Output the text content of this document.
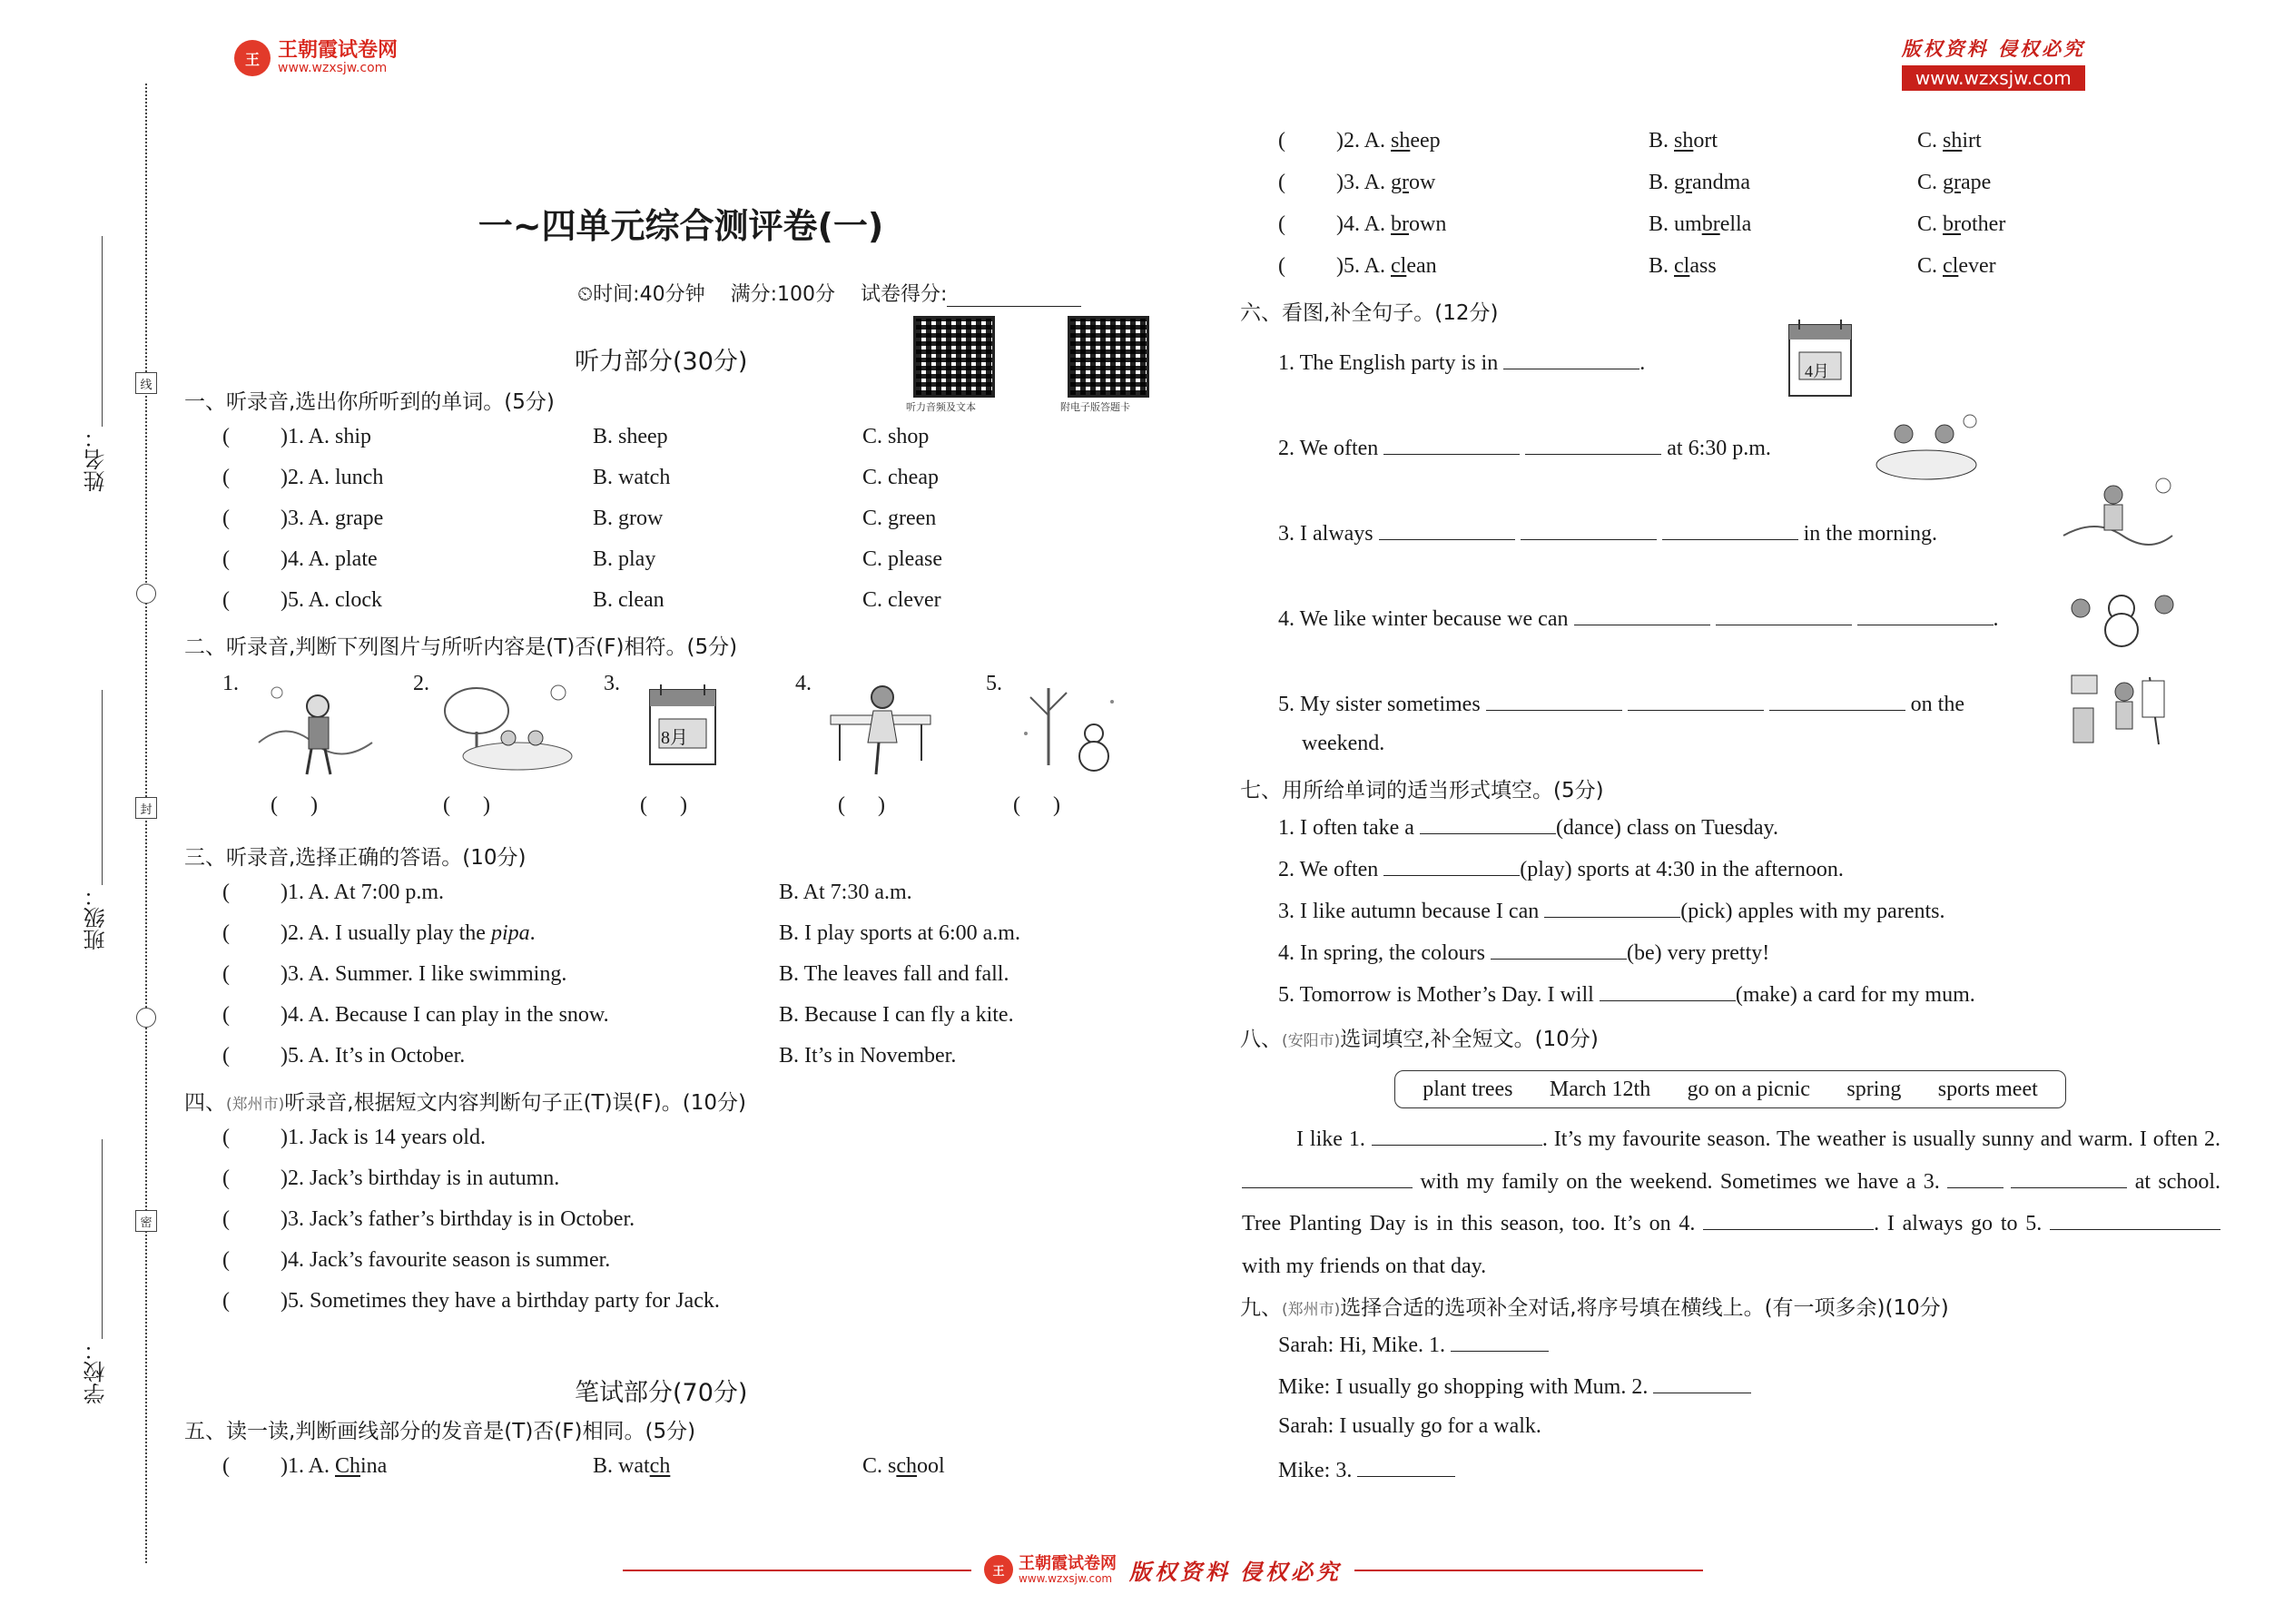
王 王朝霞试卷网
www.wzxsjw.com
版权资料 侵权必究
www.wzxsjw.com
线
封
密
姓名：
班级：
学校：
一~四单元综合测评卷(一)
⏲时间:40分钟 满分:100分 试卷得分:
听力音频及文本	附电子版答题卡
听力部分(30分)
一、听录音,选出你所听到的单词。(5分)
( )1. A. ship	B. sheep	C. shop
( )2. A. lunch	B. watch	C. cheap
( )3. A. grape	B. grow	C. green
( )4. A. plate	B. play	C. please
( )5. A. clock	B. clean	C. clever
二、听录音,判断下列图片与所听内容是(T)否(F)相符。(5分)
1.
(      )
2.
(      )
3.
8月
(      )
4.
(      )
5.
(      )
三、听录音,选择正确的答语。(10分)
( )1. A. At 7:00 p.m.	B. At 7:30 a.m.
( )2. A. I usually play the pipa.	B. I play sports at 6:00 a.m.
( )3. A. Summer. I like swimming.	B. The leaves fall and fall.
( )4. A. Because I can play in the snow.	B. Because I can fly a kite.
( )5. A. It’s in October.	B. It’s in November.
四、(郑州市)听录音,根据短文内容判断句子正(T)误(F)。(10分)
( )1. Jack is 14 years old.
( )2. Jack’s birthday is in autumn.
( )3. Jack’s father’s birthday is in October.
( )4. Jack’s favourite season is summer.
( )5. Sometimes they have a birthday party for Jack.
笔试部分(70分)
五、读一读,判断画线部分的发音是(T)否(F)相同。(5分)
( )1. A. China	B. watch	C. school
( )2. A. sheep	B. short	C. shirt
( )3. A. grow	B. grandma	C. grape
( )4. A. brown	B. umbrella	C. brother
( )5. A. clean	B. class	C. clever
六、看图,补全句子。(12分)
1. The English party is in	.	4月
2. We often	at 6:30 p.m.
3. I always	in the morning.
4. We like winter because we can	.
5. My sister sometimes	on the
weekend.
七、用所给单词的适当形式填空。(5分)
1. I often take a	(dance) class on Tuesday.
2. We often	(play) sports at 4:30 in the afternoon.
3. I like autumn because I can	(pick) apples with my parents.
4. In spring, the colours	(be) very pretty!
5. Tomorrow is Mother’s Day. I will	(make) a card for my mum.
八、(安阳市)选词填空,补全短文。(10分)
plant trees March 12th go on a picnic spring sports meet
I like 1.	. It’s my favourite season. The weather is usually sunny and warm. I often 2.  with my family on the weekend. Sometimes we have a 3.	at school. Tree Planting Day is in this season, too. It’s on 4.	. I always go to 5.  with my friends on that day.
九、(郑州市)选择合适的选项补全对话,将序号填在横线上。(有一项多余)(10分)
Sarah: Hi, Mike. 1.
Mike: I usually go shopping with Mum. 2.
Sarah: I usually go for a walk.
Mike: 3.
王 王朝霞试卷网
www.wzxsjw.com 版权资料 侵权必究
